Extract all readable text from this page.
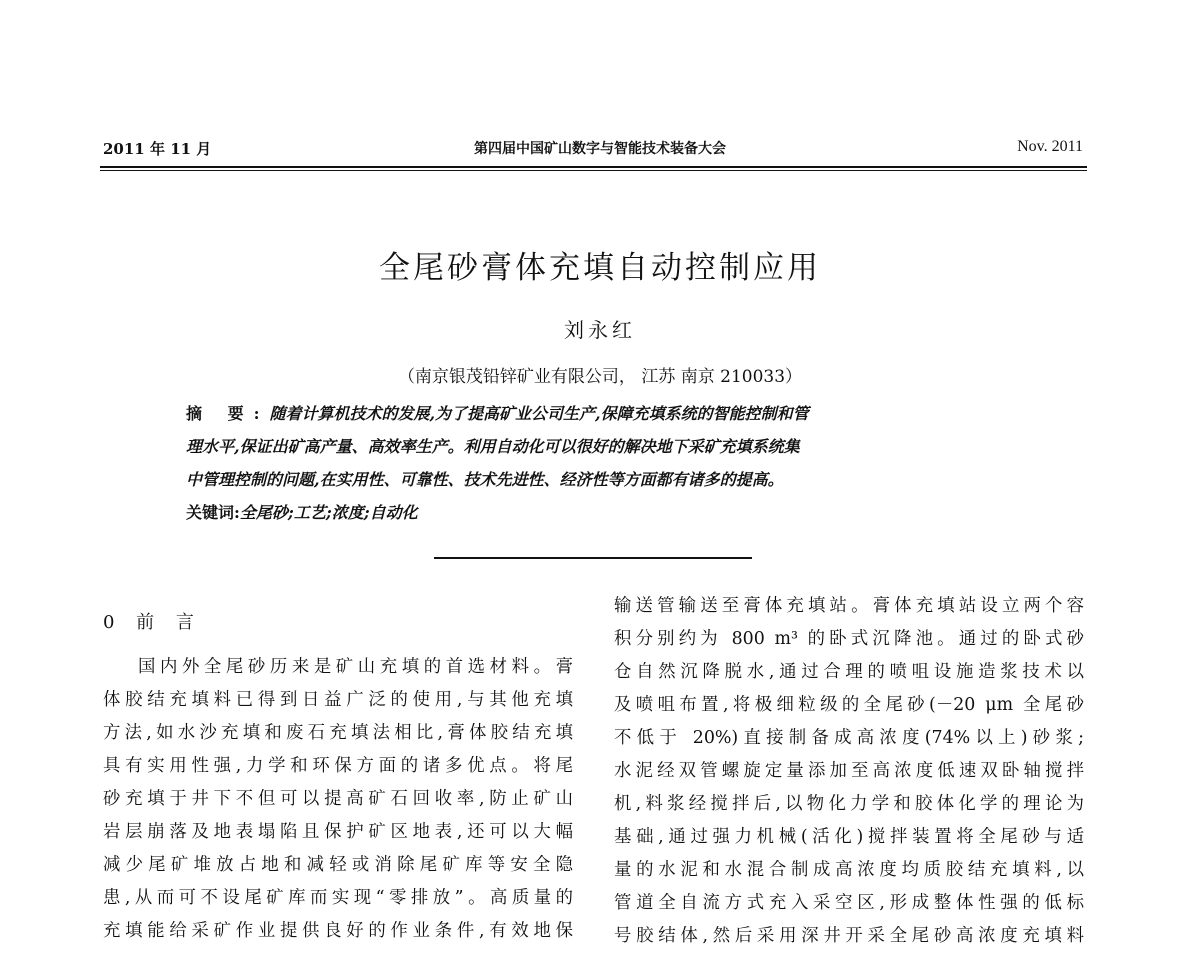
2011 年 11 月	第四届中国矿山数字与智能技术装备大会	Nov. 2011
全尾砂膏体充填自动控制应用
刘永红
（南京银茂铅锌矿业有限公司， 江苏 南京 210033）
摘 要:随着计算机技术的发展,为了提高矿业公司生产,保障充填系统的智能控制和管
理水平,保证出矿高产量、高效率生产。利用自动化可以很好的解决地下采矿充填系统集
中管理控制的问题,在实用性、可靠性、技术先进性、经济性等方面都有诸多的提高。
关键词:全尾砂;工艺;浓度;自动化
0 前 言
国内外全尾砂历来是矿山充填的首选材料。膏
体胶结充填料已得到日益广泛的使用,与其他充填
方法,如水沙充填和废石充填法相比,膏体胶结充填
具有实用性强,力学和环保方面的诸多优点。将尾
砂充填于井下不但可以提高矿石回收率,防止矿山
岩层崩落及地表塌陷且保护矿区地表,还可以大幅
减少尾矿堆放占地和减轻或消除尾矿库等安全隐
患,从而可不设尾矿库而实现“零排放”。高质量的
充填能给采矿作业提供良好的作业条件,有效地保
输送管输送至膏体充填站。膏体充填站设立两个容
积分别约为 800 m³ 的卧式沉降池。通过的卧式砂
仓自然沉降脱水,通过合理的喷咀设施造浆技术以
及喷咀布置,将极细粒级的全尾砂(－20 μm 全尾砂
不低于 20%)直接制备成高浓度(74%以上)砂浆;
水泥经双管螺旋定量添加至高浓度低速双卧轴搅拌
机,料浆经搅拌后,以物化力学和胶体化学的理论为
基础,通过强力机械(活化)搅拌装置将全尾砂与适
量的水泥和水混合制成高浓度均质胶结充填料,以
管道全自流方式充入采空区,形成整体性强的低标
号胶结体,然后采用深井开采全尾砂高浓度充填料
